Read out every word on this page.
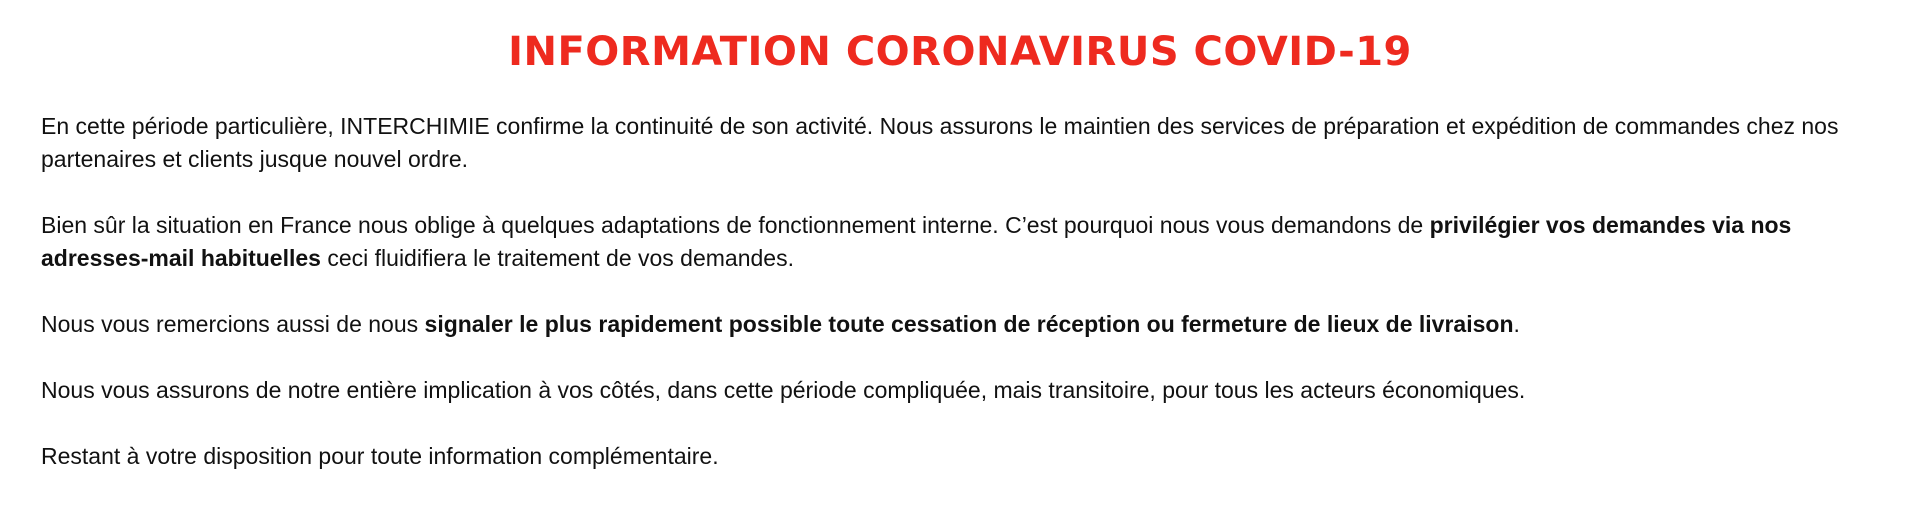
INFORMATION CORONAVIRUS COVID-19

En cette période particulière, INTERCHIMIE confirme la continuité de son activité. Nous assurons le maintien des services de préparation et expédition de commandes chez nos partenaires et clients jusque nouvel ordre.

Bien sûr la situation en France nous oblige à quelques adaptations de fonctionnement interne. C’est pourquoi nous vous demandons de privilégier vos demandes via nos adresses-mail habituelles ceci fluidifiera le traitement de vos demandes.

Nous vous remercions aussi de nous signaler le plus rapidement possible toute cessation de réception ou fermeture de lieux de livraison.

Nous vous assurons de notre entière implication à vos côtés, dans cette période compliquée, mais transitoire, pour tous les acteurs économiques.

Restant à votre disposition pour toute information complémentaire.
